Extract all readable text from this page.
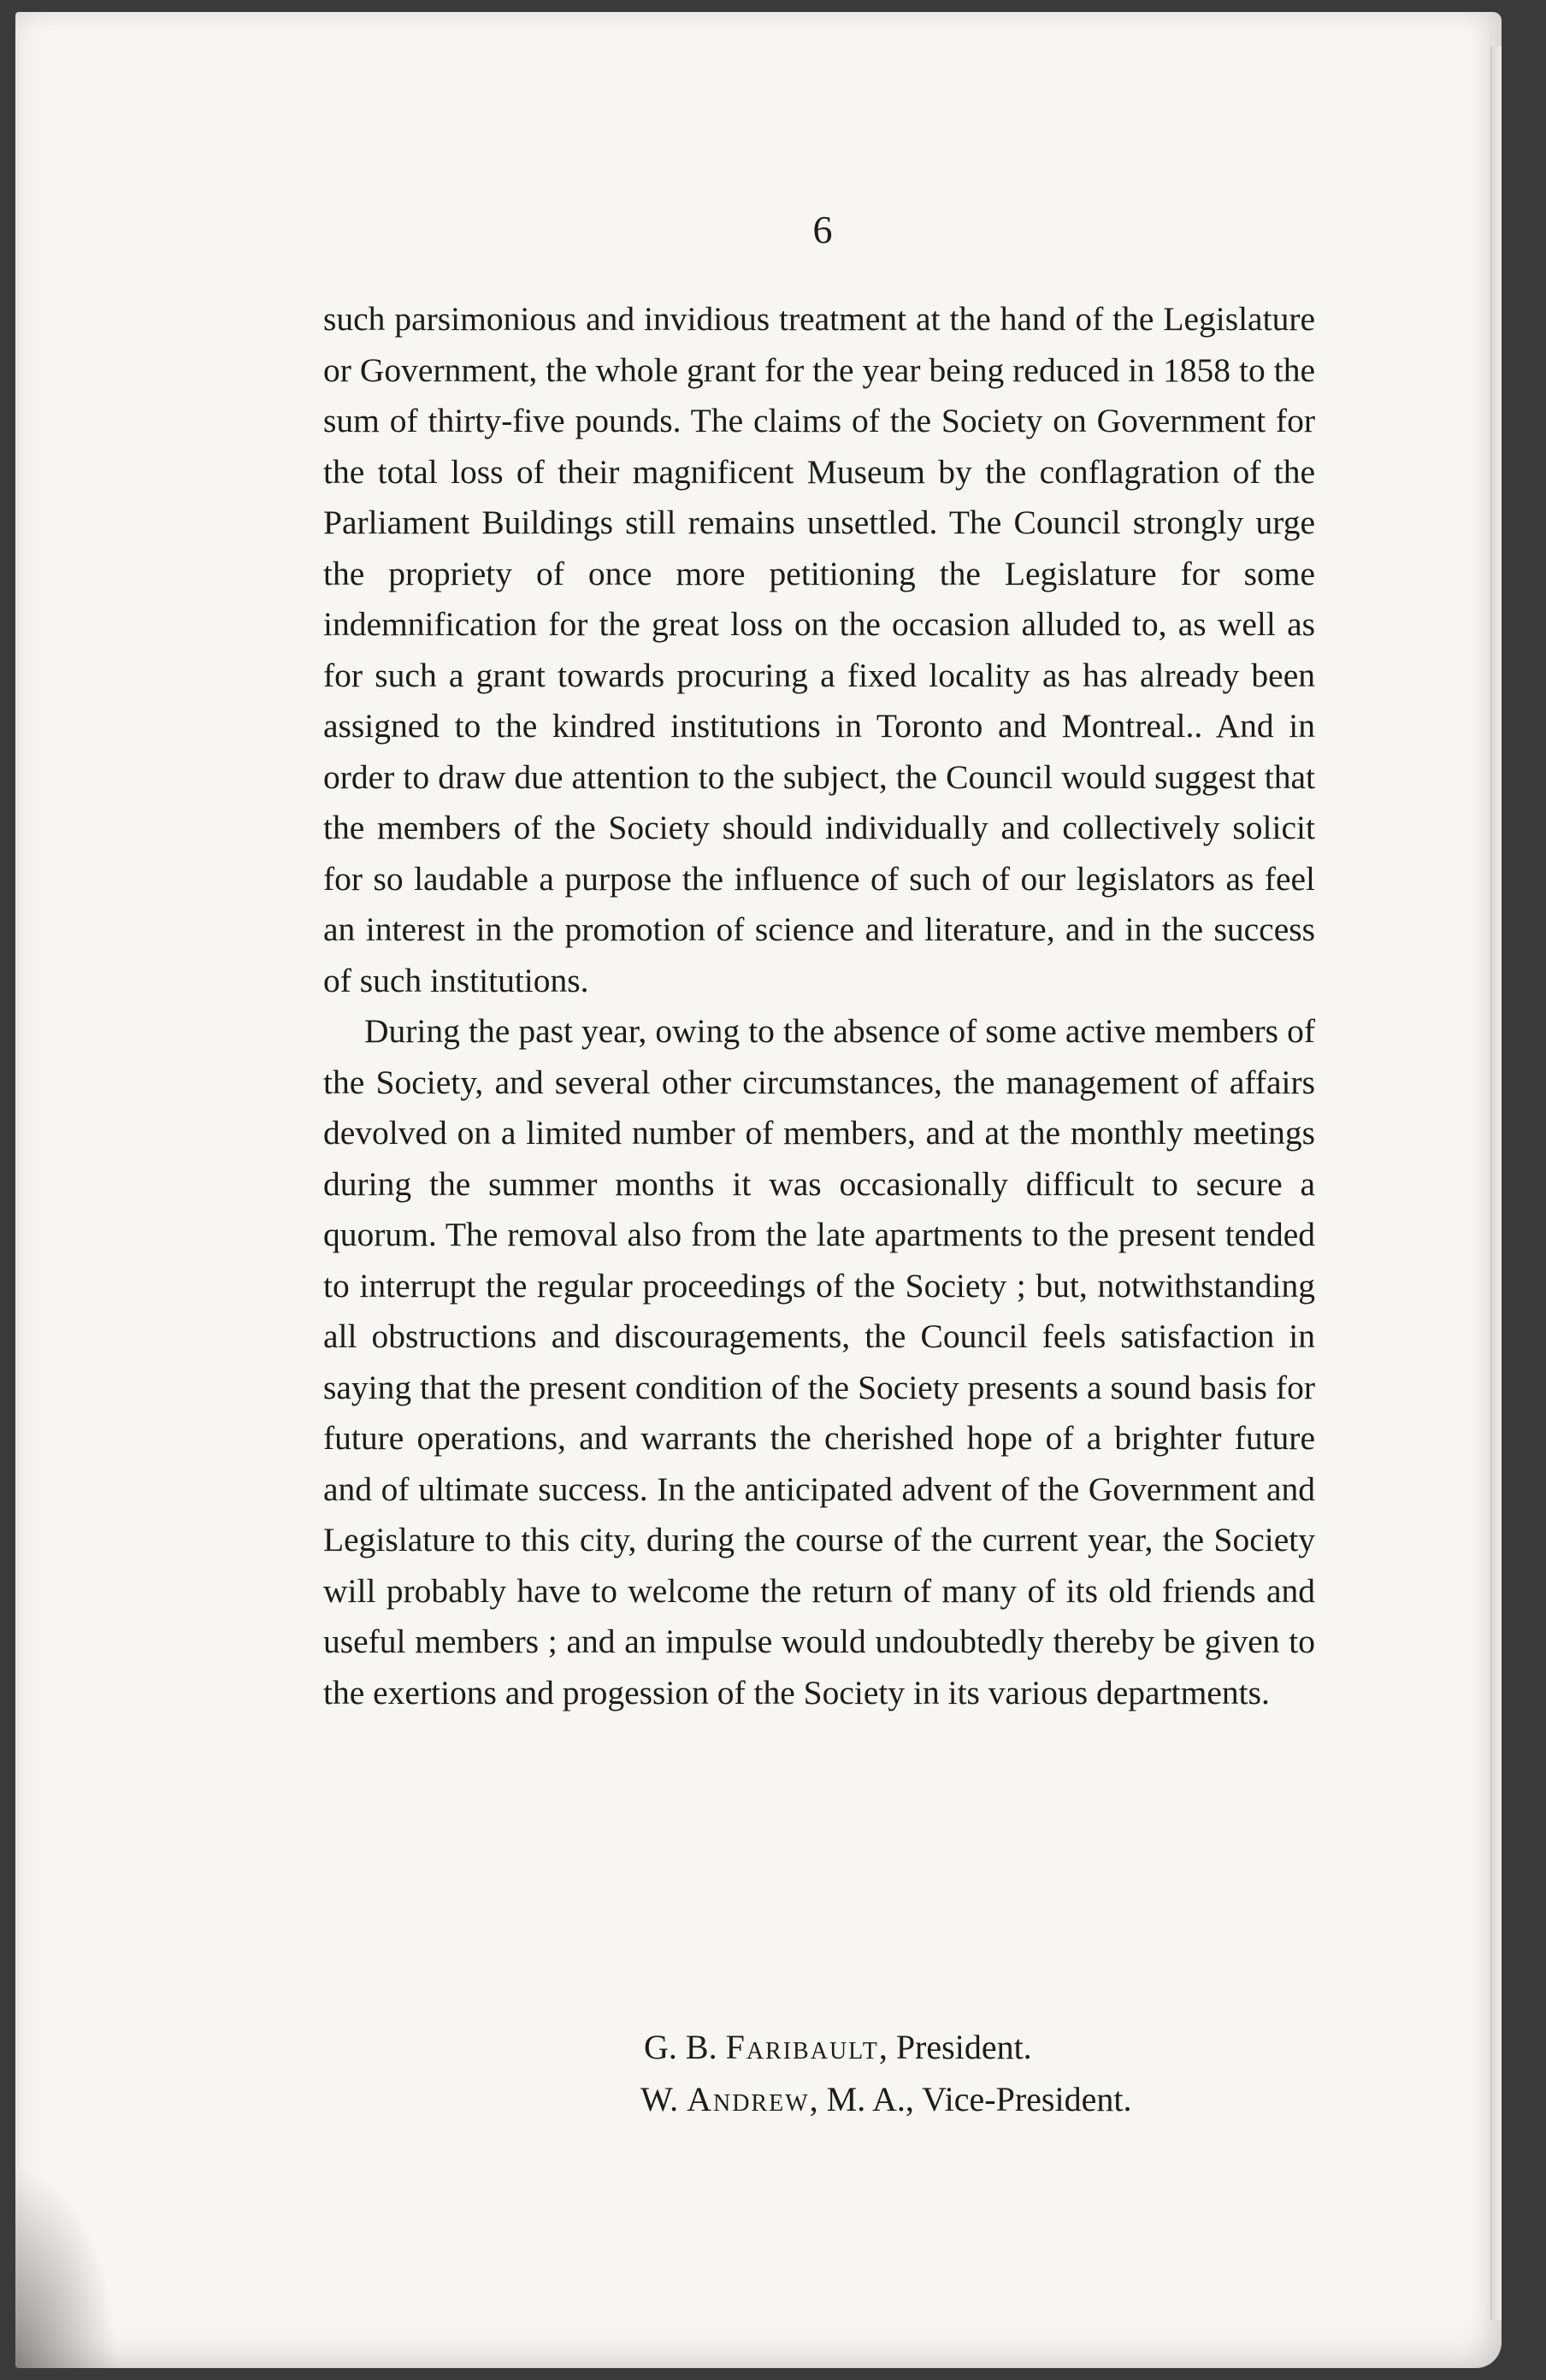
6

such parsimonious and invidious treatment at the hand of the Legislature or Government, the whole grant for the year being reduced in 1858 to the sum of thirty-five pounds. The claims of the Society on Government for the total loss of their magnificent Museum by the conflagration of the Parliament Buildings still remains unsettled. The Council strongly urge the propriety of once more petitioning the Legislature for some indemnification for the great loss on the occasion alluded to, as well as for such a grant towards procuring a fixed locality as has already been assigned to the kindred institutions in Toronto and Montreal.. And in order to draw due attention to the subject, the Council would suggest that the members of the Society should individually and collectively solicit for so laudable a purpose the influence of such of our legislators as feel an interest in the promotion of science and literature, and in the success of such institutions.

During the past year, owing to the absence of some active members of the Society, and several other circumstances, the management of affairs devolved on a limited number of members, and at the monthly meetings during the summer months it was occasionally difficult to secure a quorum. The removal also from the late apartments to the present tended to interrupt the regular proceedings of the Society ; but, notwithstanding all obstructions and discouragements, the Council feels satisfaction in saying that the present condition of the Society presents a sound basis for future operations, and warrants the cherished hope of a brighter future and of ultimate success. In the anticipated advent of the Government and Legislature to this city, during the course of the current year, the Society will probably have to welcome the return of many of its old friends and useful members ; and an impulse would undoubtedly thereby be given to the exertions and progession of the Society in its various departments.

G. B. Faribault, President.
W. Andrew, M. A., Vice-President.
